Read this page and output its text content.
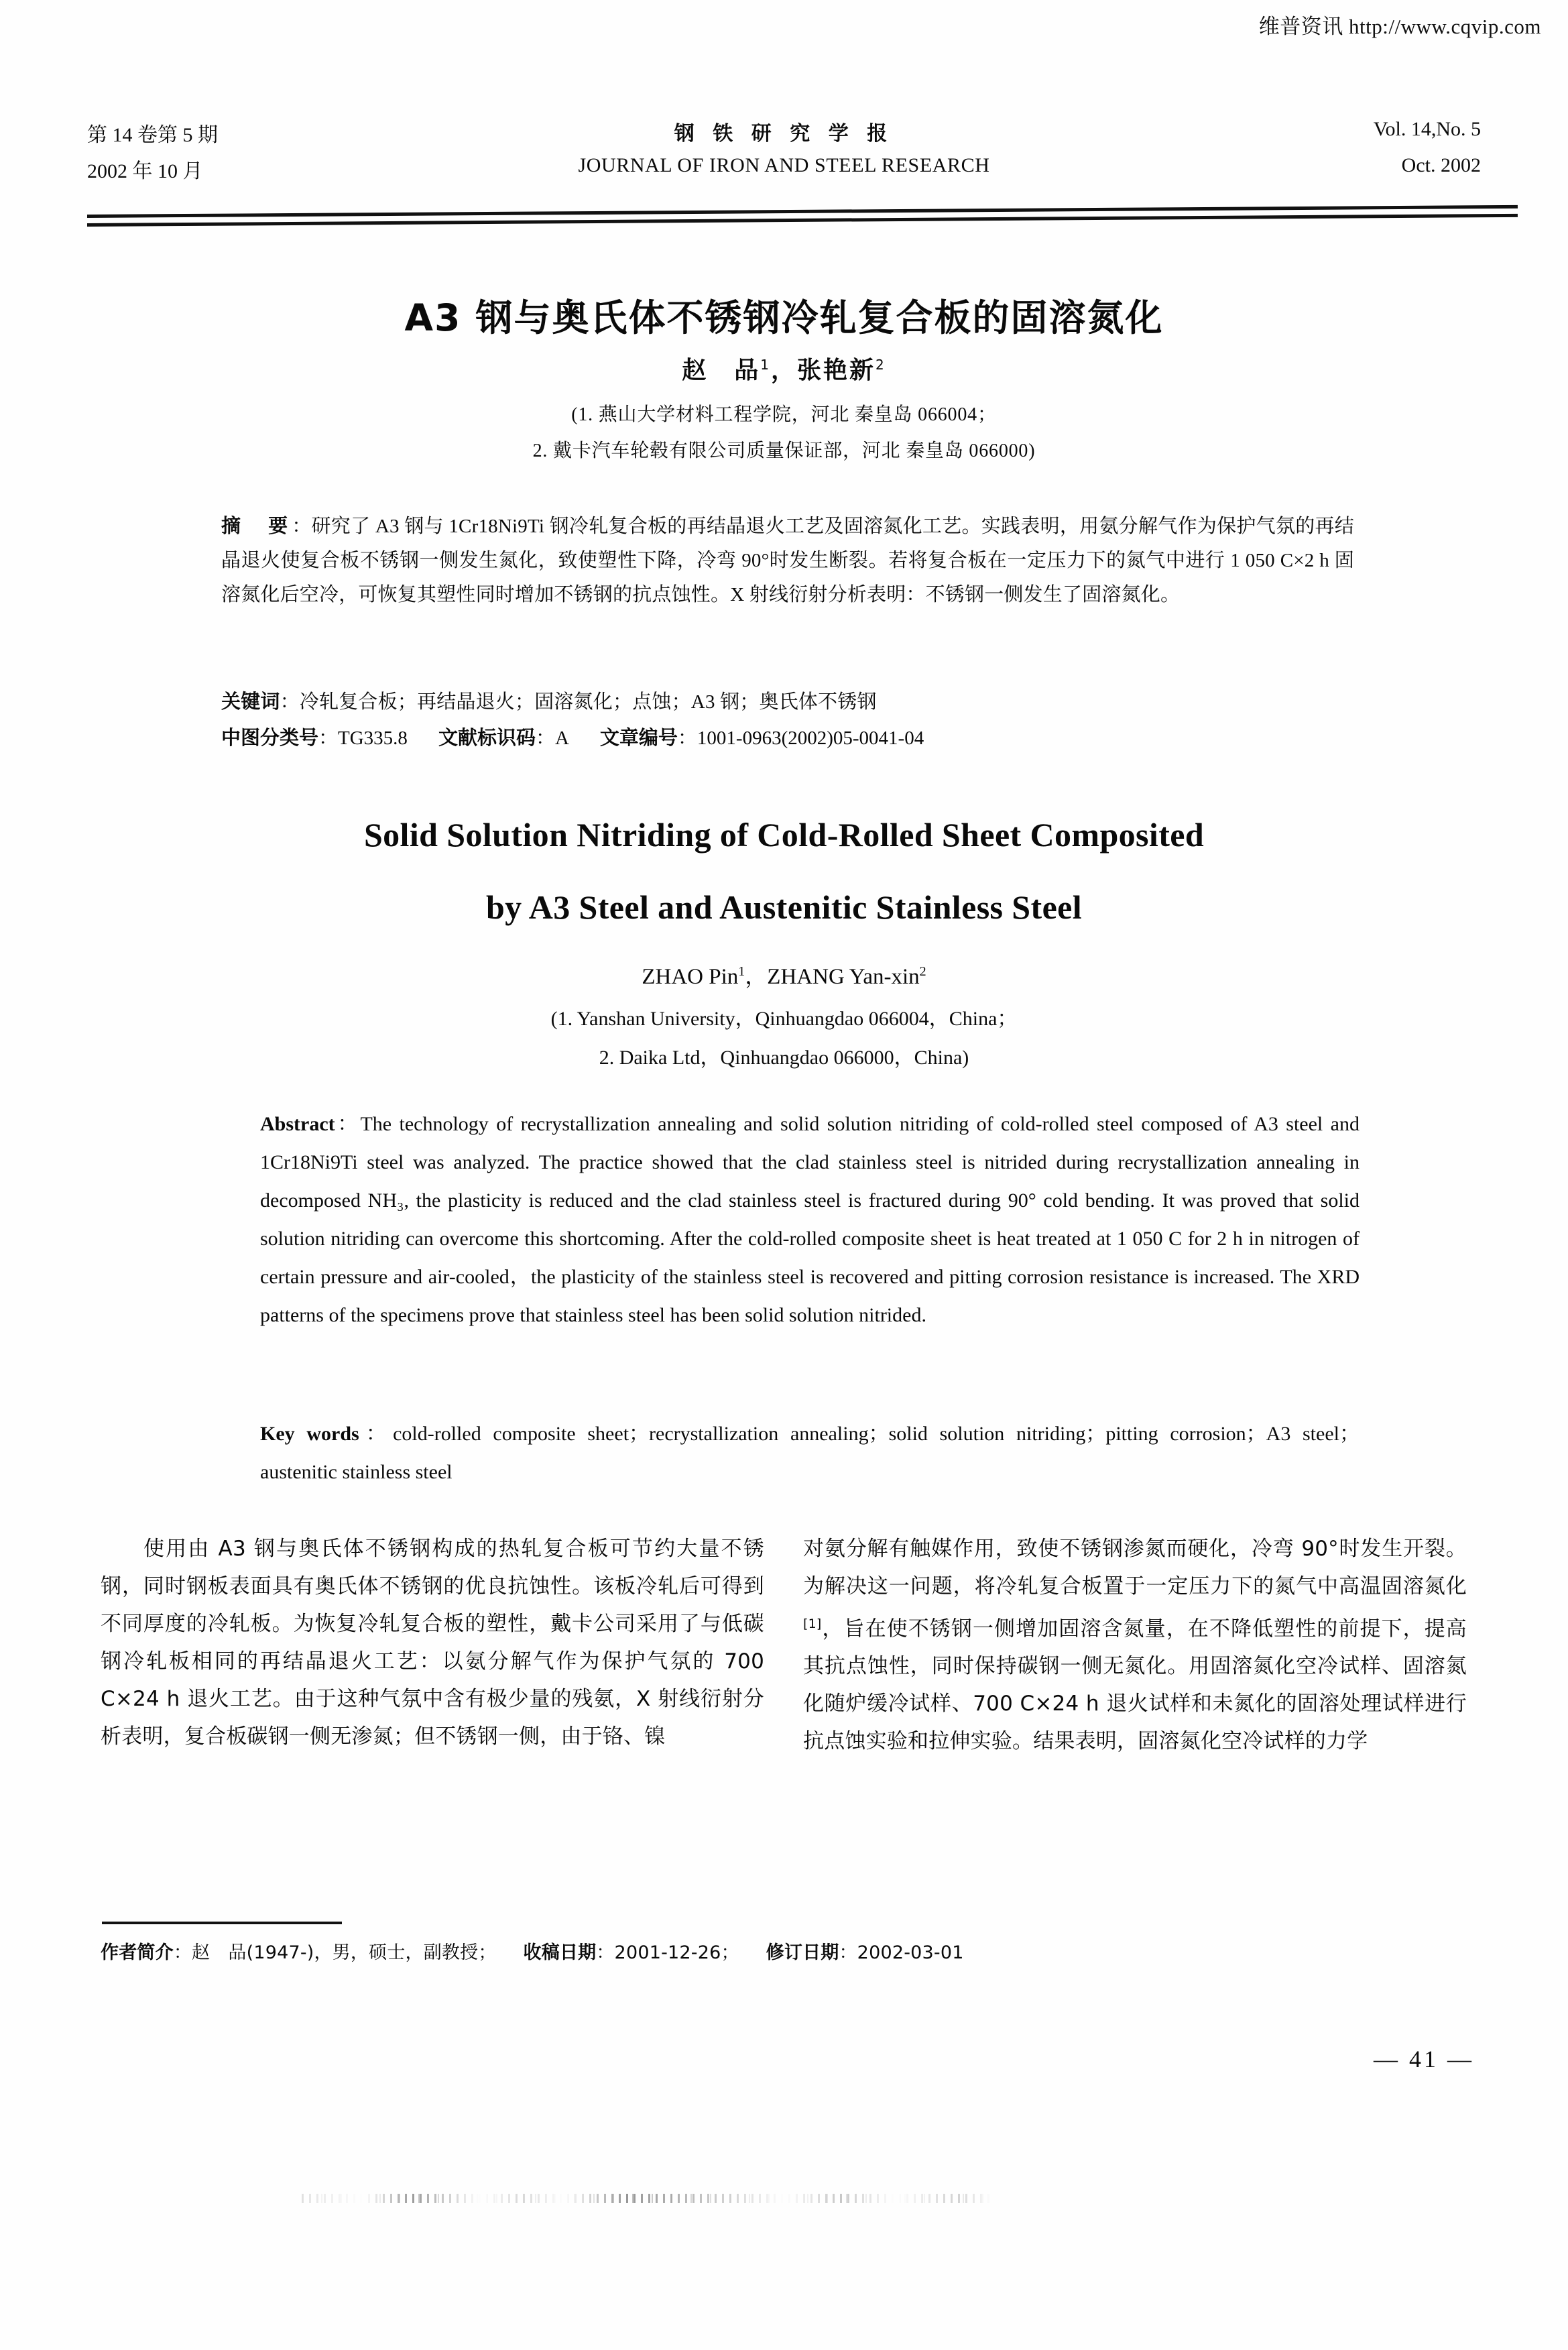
维普资讯 http://www.cqvip.com
第 14 卷第 5 期
2002 年 10 月
钢 铁 研 究 学 报
JOURNAL OF IRON AND STEEL RESEARCH
Vol. 14,No. 5
Oct. 2002
A3 钢与奥氏体不锈钢冷轧复合板的固溶氮化
赵　品$^1$，张艳新$^2$
(1. 燕山大学材料工程学院，河北 秦皇岛 066004；
2. 戴卡汽车轮毂有限公司质量保证部，河北 秦皇岛 066000)
摘　要：研究了 A3 钢与 1Cr18Ni9Ti 钢冷轧复合板的再结晶退火工艺及固溶氮化工艺。实践表明，用氨分解气作为保护气氛的再结晶退火使复合板不锈钢一侧发生氮化，致使塑性下降，冷弯 90°时发生断裂。若将复合板在一定压力下的氮气中进行 1 050 C×2 h 固溶氮化后空冷，可恢复其塑性同时增加不锈钢的抗点蚀性。X 射线衍射分析表明：不锈钢一侧发生了固溶氮化。
关键词：冷轧复合板；再结晶退火；固溶氮化；点蚀；A3 钢；奥氏体不锈钢
中图分类号：TG335.8 文献标识码：A 文章编号：1001-0963(2002)05-0041-04
Solid Solution Nitriding of Cold-Rolled Sheet Composited
by A3 Steel and Austenitic Stainless Steel
ZHAO Pin$^1$，ZHANG Yan-xin$^2$
(1. Yanshan University，Qinhuangdao 066004，China；
2. Daika Ltd，Qinhuangdao 066000，China)
Abstract：The technology of recrystallization annealing and solid solution nitriding of cold-rolled steel composed of A3 steel and 1Cr18Ni9Ti steel was analyzed. The practice showed that the clad stainless steel is nitrided during recrystallization annealing in decomposed NH₃, the plasticity is reduced and the clad stainless steel is fractured during 90° cold bending. It was proved that solid solution nitriding can overcome this shortcoming. After the cold-rolled composite sheet is heat treated at 1 050 C for 2 h in nitrogen of certain pressure and air-cooled，the plasticity of the stainless steel is recovered and pitting corrosion resistance is increased. The XRD patterns of the specimens prove that stainless steel has been solid solution nitrided.
Key words：cold-rolled composite sheet；recrystallization annealing；solid solution nitriding；pitting corrosion；A3 steel；austenitic stainless steel

使用由 A3 钢与奥氏体不锈钢构成的热轧复合板可节约大量不锈钢，同时钢板表面具有奥氏体不锈钢的优良抗蚀性。该板冷轧后可得到不同厚度的冷轧板。为恢复冷轧复合板的塑性，戴卡公司采用了与低碳钢冷轧板相同的再结晶退火工艺：以氨分解气作为保护气氛的 700 C×24 h 退火工艺。由于这种气氛中含有极少量的残氨，X 射线衍射分析表明，复合板碳钢一侧无渗氮；但不锈钢一侧，由于铬、镍

对氨分解有触媒作用，致使不锈钢渗氮而硬化，冷弯 90°时发生开裂。为解决这一问题，将冷轧复合板置于一定压力下的氮气中高温固溶氮化[1]，旨在使不锈钢一侧增加固溶含氮量，在不降低塑性的前提下，提高其抗点蚀性，同时保持碳钢一侧无氮化。用固溶氮化空冷试样、固溶氮化随炉缓冷试样、700 C×24 h 退火试样和未氮化的固溶处理试样进行抗点蚀实验和拉伸实验。结果表明，固溶氮化空冷试样的力学

作者简介：赵　品(1947-)，男，硕士，副教授； 收稿日期：2001-12-26； 修订日期：2002-03-01
— 41 —
